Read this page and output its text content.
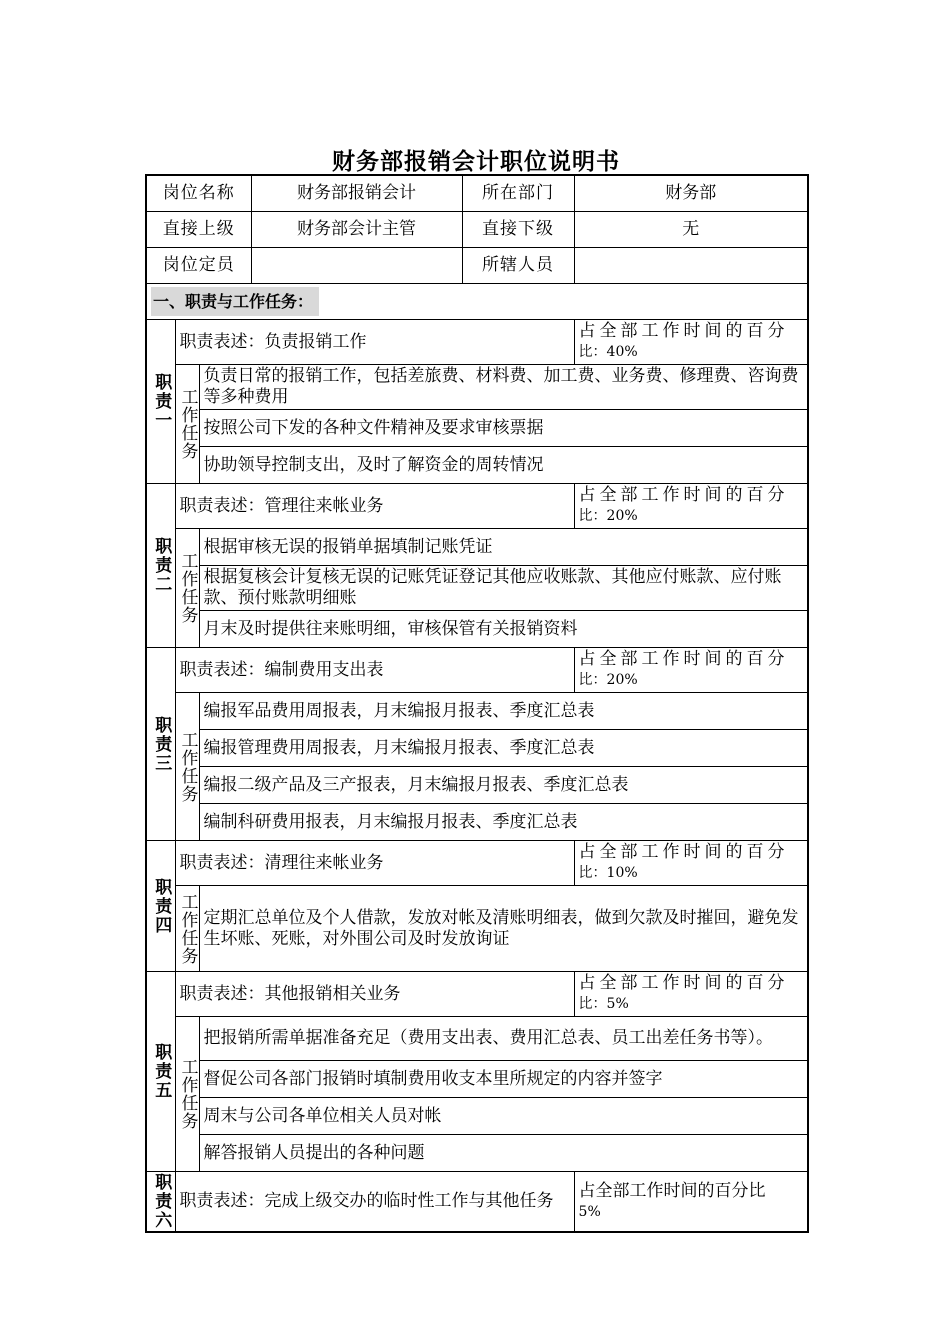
财务部报销会计职位说明书
岗位名称			财务部报销会计	所在部门	财务部
直接上级			财务部会计主管	直接下级	无
岗位定员				所辖人员	
一、职责与工作任务：					
职责一	职责表述：负责报销工作				占全部工作时间的百分
比：40%

	工作任务	负责日常的报销工作，包括差旅费、材料费、加工费、业务费、修理费、咨询费等多种费用			
		按照公司下发的各种文件精神及要求审核票据			
		协助领导控制支出，及时了解资金的周转情况			
职责二	职责表述：管理往来帐业务				占全部工作时间的百分
比：20%

	工作任务	根据审核无误的报销单据填制记账凭证			
		根据复核会计复核无误的记账凭证登记其他应收账款、其他应付账款、应付账款、预付账款明细账			
		月末及时提供往来账明细，审核保管有关报销资料			
职责三	职责表述：编制费用支出表				占全部工作时间的百分
比：20%

	工作任务	编报军品费用周报表，月末编报月报表、季度汇总表			
		编报管理费用周报表，月末编报月报表、季度汇总表			
		编报二级产品及三产报表，月末编报月报表、季度汇总表			
		编制科研费用报表，月末编报月报表、季度汇总表			
职责四	职责表述：清理往来帐业务				占全部工作时间的百分
比：10%

	工作任务	定期汇总单位及个人借款，发放对帐及清账明细表，做到欠款及时摧回，避免发生坏账、死账，对外围公司及时发放询证			
职责五	职责表述：其他报销相关业务				占全部工作时间的百分
比：5%

	工作任务	把报销所需单据准备充足（费用支出表、费用汇总表、员工出差任务书等）。			
		督促公司各部门报销时填制费用收支本里所规定的内容并签字			
		周末与公司各单位相关人员对帐			
		解答报销人员提出的各种问题			
职责六	职责表述：完成上级交办的临时性工作与其他任务				占全部工作时间的百分比
5%
